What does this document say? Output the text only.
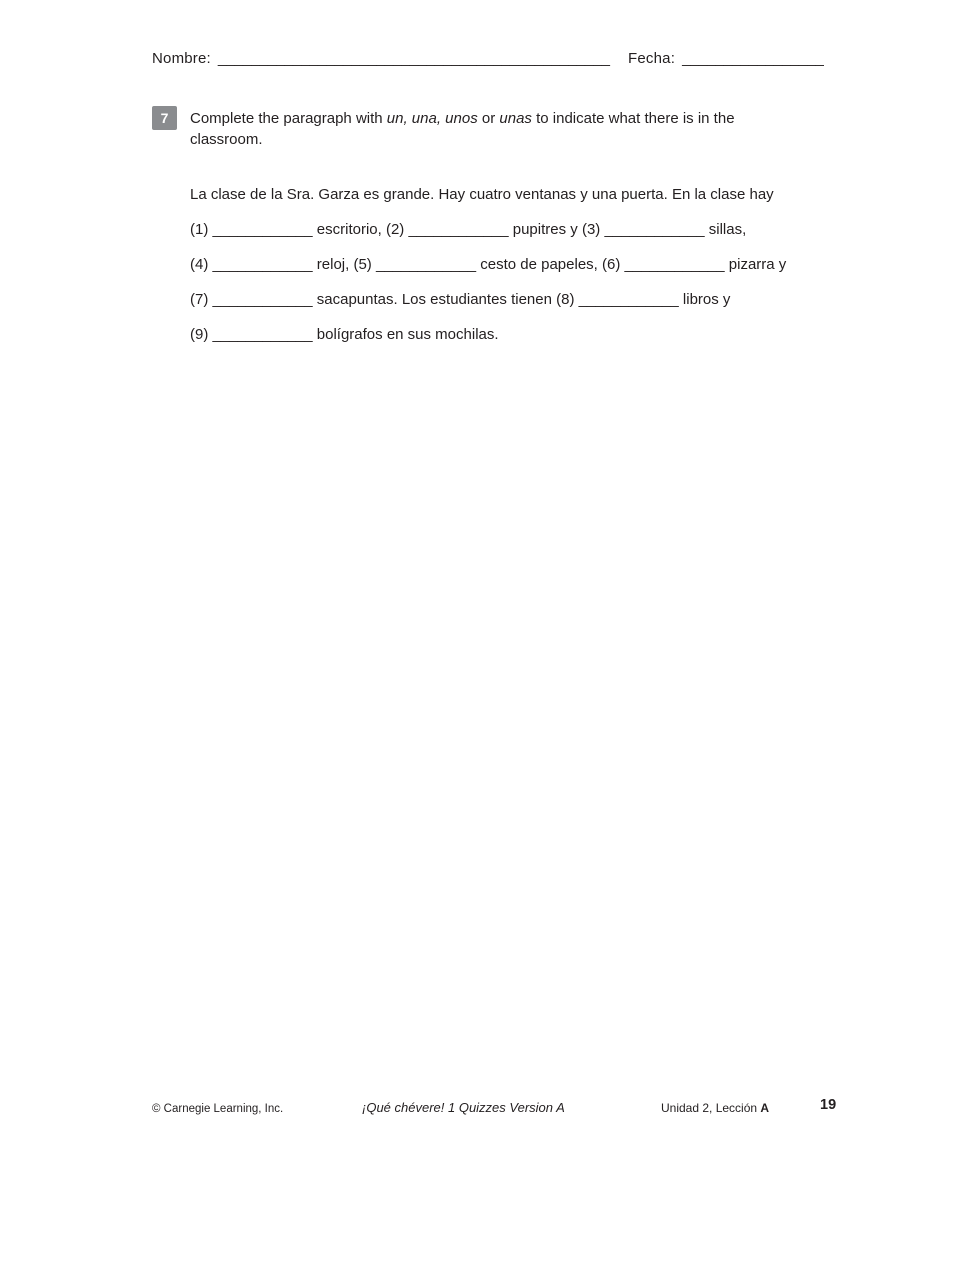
Nombre: _______________________________________________ Fecha: _________________
7	Complete the paragraph with un, una, unos or unas to indicate what there is in the classroom.
La clase de la Sra. Garza es grande. Hay cuatro ventanas y una puerta. En la clase hay
(1) ____________ escritorio, (2) ____________ pupitres y (3) ____________ sillas,
(4) ____________ reloj, (5) ____________ cesto de papeles, (6) ____________ pizarra y
(7) ____________ sacapuntas. Los estudiantes tienen (8) ____________ libros y
(9) ____________ bolígrafos en sus mochilas.
© Carnegie Learning, Inc.	¡Qué chévere! 1 Quizzes Version A	Unidad 2, Lección A	19
